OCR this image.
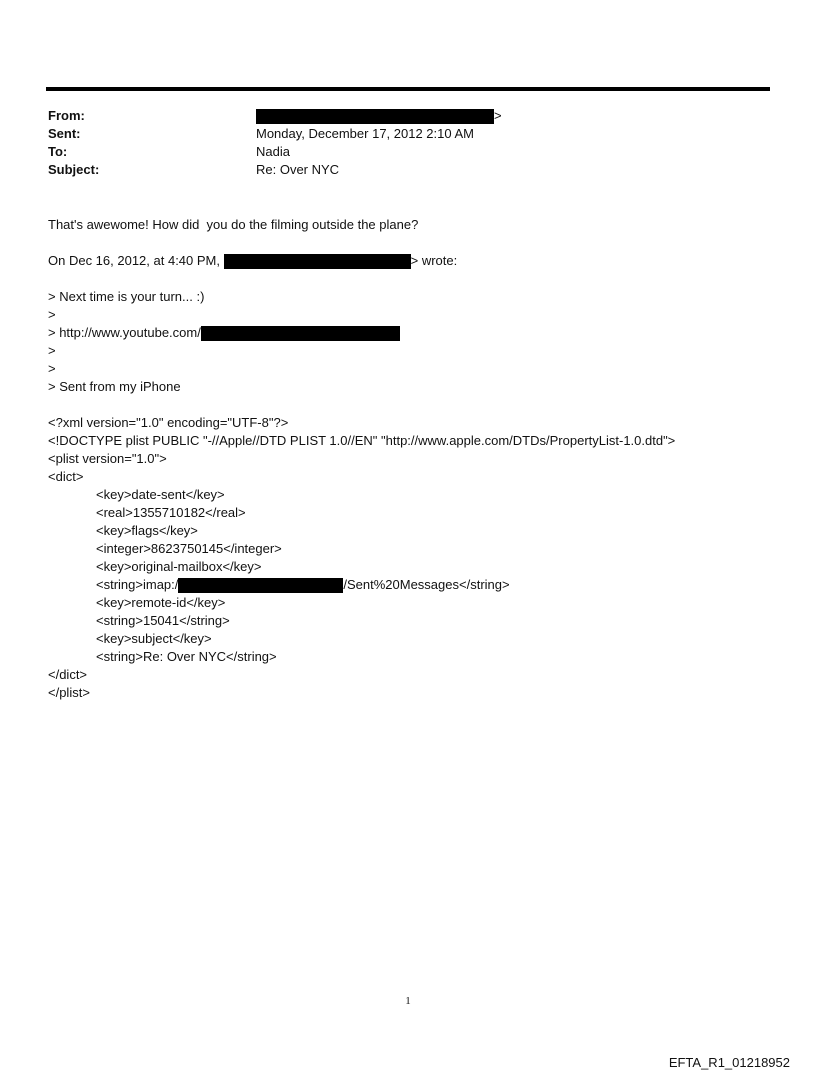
From:	>
Sent:	Monday, December 17, 2012 2:10 AM
To:	Nadia
Subject:	Re: Over NYC
That's awewome! How did  you do the filming outside the plane?
On Dec 16, 2012, at 4:40 PM,	> wrote:
> Next time is your turn... :)
>
> http://www.youtube.com/
>
>
> Sent from my iPhone
<?xml version="1.0" encoding="UTF-8"?>
<!DOCTYPE plist PUBLIC "-//Apple//DTD PLIST 1.0//EN" "http://www.apple.com/DTDs/PropertyList-1.0.dtd">
<plist version="1.0">
<dict>
<key>date-sent</key>
<real>1355710182</real>
<key>flags</key>
<integer>8623750145</integer>
<key>original-mailbox</key>
<string>imap:/	/Sent%20Messages</string>
<key>remote-id</key>
<string>15041</string>
<key>subject</key>
<string>Re: Over NYC</string>
</dict>
</plist>
1
EFTA_R1_01218952
